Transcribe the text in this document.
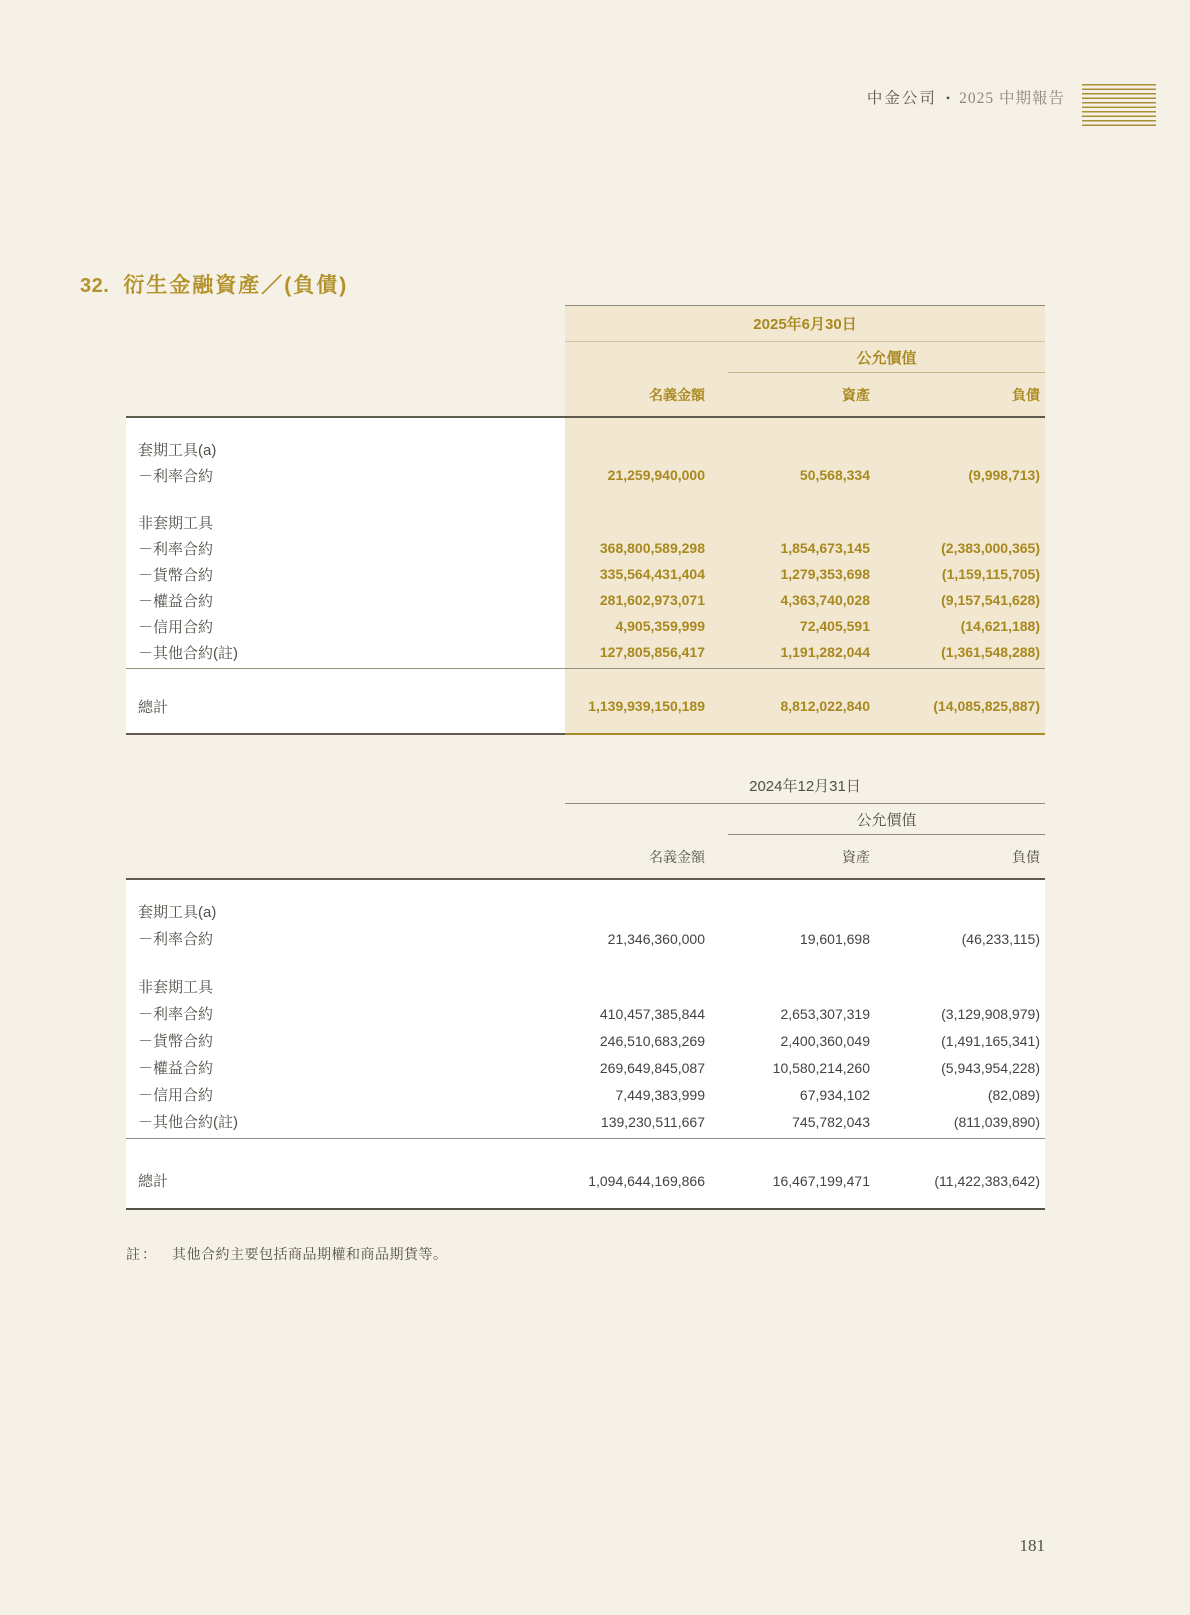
中金公司 • 2025 中期報告
32. 衍生金融資產／(負債)
2025年6月30日
公允價值
名義金額	資產	負債
套期工具(a)
－利率合約	21,259,940,000	50,568,334	(9,998,713)
非套期工具
－利率合約	368,800,589,298	1,854,673,145	(2,383,000,365)
－貨幣合約	335,564,431,404	1,279,353,698	(1,159,115,705)
－權益合約	281,602,973,071	4,363,740,028	(9,157,541,628)
－信用合約	4,905,359,999	72,405,591	(14,621,188)
－其他合約(註)	127,805,856,417	1,191,282,044	(1,361,548,288)
總計	1,139,939,150,189	8,812,022,840	(14,085,825,887)
2024年12月31日
公允價值
名義金額	資產	負債
套期工具(a)
－利率合約	21,346,360,000	19,601,698	(46,233,115)
非套期工具
－利率合約	410,457,385,844	2,653,307,319	(3,129,908,979)
－貨幣合約	246,510,683,269	2,400,360,049	(1,491,165,341)
－權益合約	269,649,845,087	10,580,214,260	(5,943,954,228)
－信用合約	7,449,383,999	67,934,102	(82,089)
－其他合約(註)	139,230,511,667	745,782,043	(811,039,890)
總計	1,094,644,169,866	16,467,199,471	(11,422,383,642)

註：	其他合約主要包括商品期權和商品期貨等。

181
